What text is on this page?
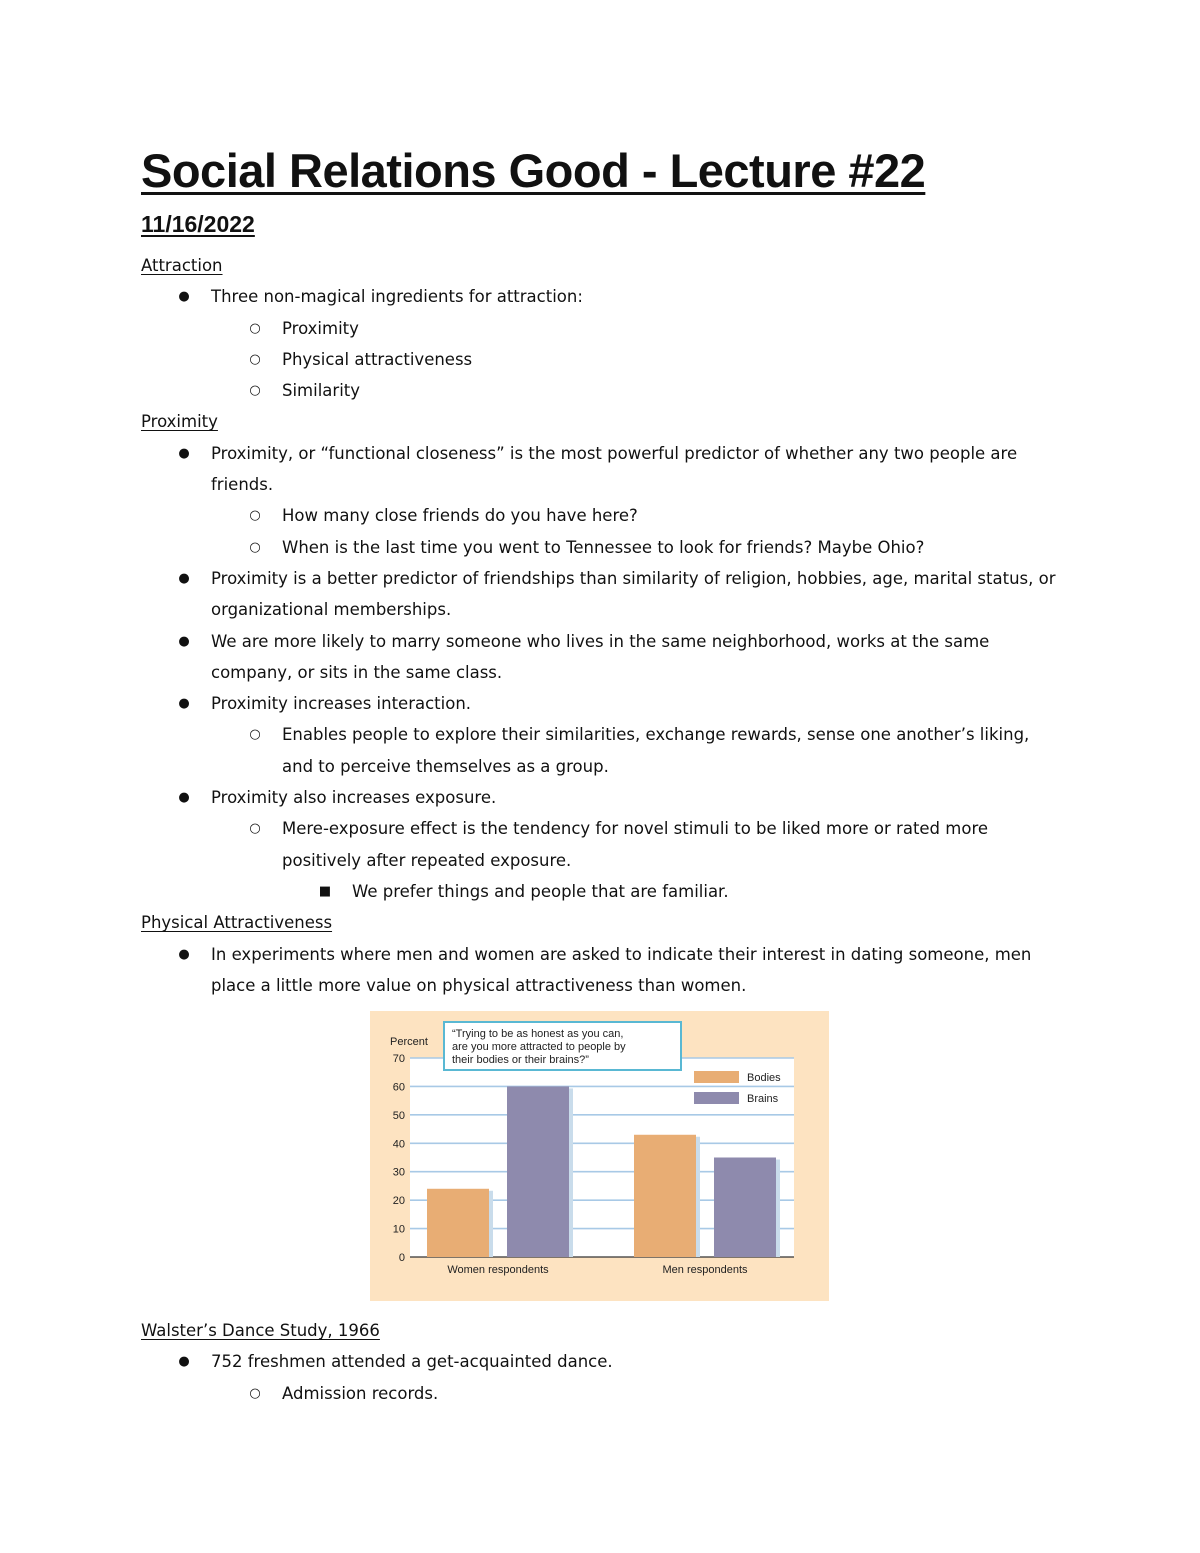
Social Relations Good - Lecture #22
11/16/2022
Attraction
● Three non-magical ingredients for attraction:
○ Proximity
○ Physical attractiveness
○ Similarity
Proximity
● Proximity, or “functional closeness” is the most powerful predictor of whether any two people are friends.
○ How many close friends do you have here?
○ When is the last time you went to Tennessee to look for friends? Maybe Ohio?
● Proximity is a better predictor of friendships than similarity of religion, hobbies, age, marital status, or organizational memberships.
● We are more likely to marry someone who lives in the same neighborhood, works at the same company, or sits in the same class.
● Proximity increases interaction.
○ Enables people to explore their similarities, exchange rewards, sense one another’s liking, and to perceive themselves as a group.
● Proximity also increases exposure.
○ Mere-exposure effect is the tendency for novel stimuli to be liked more or rated more positively after repeated exposure.
■ We prefer things and people that are familiar.
Physical Attractiveness
● In experiments where men and women are asked to indicate their interest in dating someone, men place a little more value on physical attractiveness than women.
0
10
20
30
40
50
60
70
Percent
Women respondents	Men respondents
Bodies
Brains
“Trying to be as honest as you can,
are you more attracted to people by
their bodies or their brains?”
Walster’s Dance Study, 1966
● 752 freshmen attended a get-acquainted dance.
○ Admission records.
